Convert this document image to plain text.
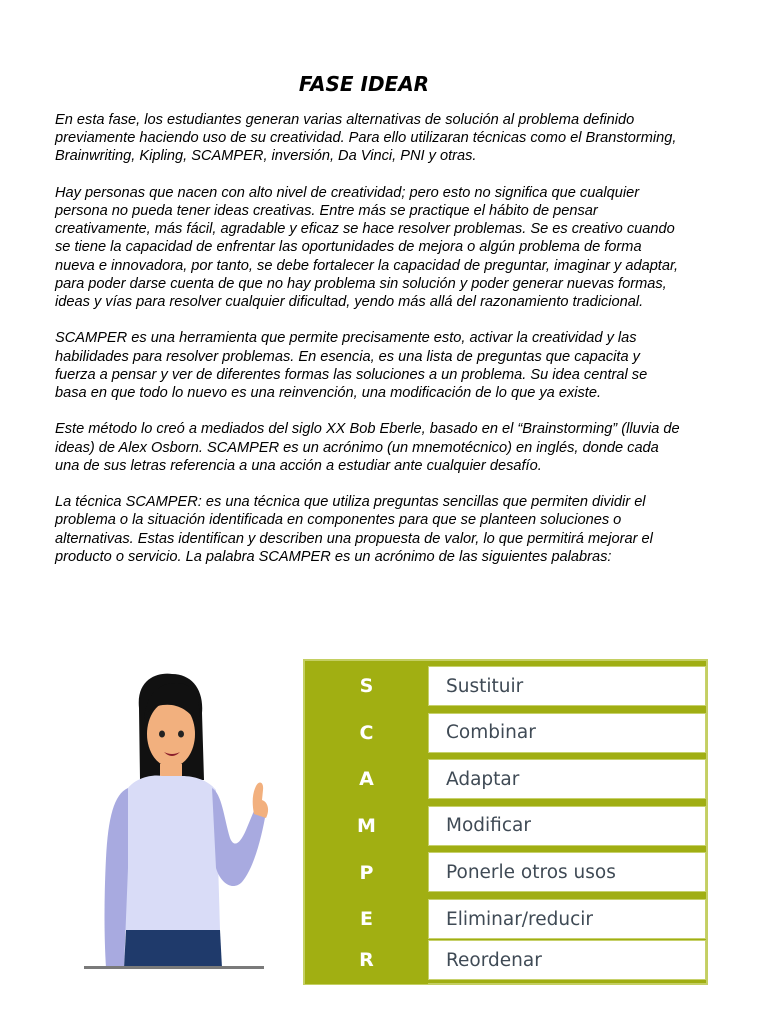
FASE IDEAR

En esta fase, los estudiantes generan varias alternativas de solución al problema definido previamente haciendo uso de su creatividad. Para ello utilizaran técnicas como el Branstorming, Brainwriting, Kipling, SCAMPER, inversión, Da Vinci, PNI y otras.

Hay personas que nacen con alto nivel de creatividad; pero esto no significa que cualquier persona no pueda tener ideas creativas. Entre más se practique el hábito de pensar creativamente, más fácil, agradable y eficaz se hace resolver problemas. Se es creativo cuando se tiene la capacidad de enfrentar las oportunidades de mejora o algún problema de forma nueva e innovadora, por tanto, se debe fortalecer la capacidad de preguntar, imaginar y adaptar, para poder darse cuenta de que no hay problema sin solución y poder generar nuevas formas, ideas y vías para resolver cualquier dificultad, yendo más allá del razonamiento tradicional.

SCAMPER es una herramienta que permite precisamente esto, activar la creatividad y las habilidades para resolver problemas. En esencia, es una lista de preguntas que capacita y fuerza a pensar y ver de diferentes formas las soluciones a un problema. Su idea central se basa en que todo lo nuevo es una reinvención, una modificación de lo que ya existe.

Este método lo creó a mediados del siglo XX Bob Eberle, basado en el “Brainstorming” (lluvia de ideas) de Alex Osborn. SCAMPER es un acrónimo (un mnemotécnico) en inglés, donde cada una de sus letras referencia a una acción a estudiar ante cualquier desafío.

La técnica SCAMPER: es una técnica que utiliza preguntas sencillas que permiten dividir el problema o la situación identificada en componentes para que se planteen soluciones o alternativas. Estas identifican y describen una propuesta de valor, lo que permitirá mejorar el producto o servicio. La palabra SCAMPER es un acrónimo de las siguientes palabras:

S	Sustituir
C	Combinar
A	Adaptar
M	Modificar
P	Ponerle otros usos
E	Eliminar/reducir
R	Reordenar
